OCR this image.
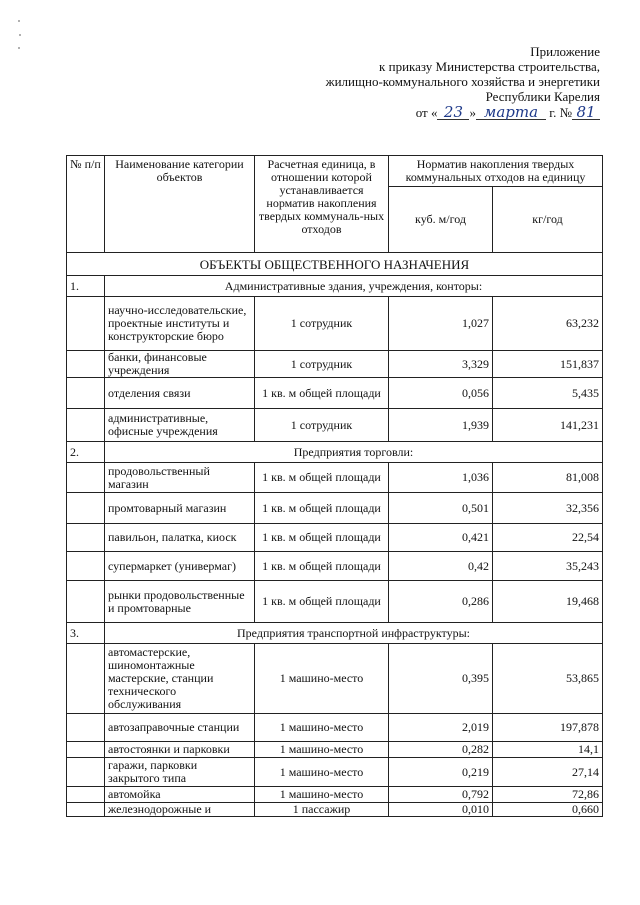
Приложение
к приказу Министерства строительства,
жилищно-коммунального хозяйства и энергетики
Республики Карелия
от « 23 » марта г. № 81
№ п/п	Наименование категории объектов	Расчетная единица, в отношении которой устанавливается норматив накопления твердых коммуналь-ных отходов	Норматив накопления твердых коммунальных отходов на единицу	
			куб. м/год	кг/год
ОБЪЕКТЫ ОБЩЕСТВЕННОГО НАЗНАЧЕНИЯ				
1.	Административные здания, учреждения, конторы:			
	научно-исследовательские, проектные институты и конструкторские бюро	1 сотрудник	1,027	63,232
	банки, финансовые учреждения	1 сотрудник	3,329	151,837
	отделения связи	1 кв. м общей площади	0,056	5,435
	административные, офисные учреждения	1 сотрудник	1,939	141,231
2.	Предприятия торговли:			
	продовольственный магазин	1 кв. м общей площади	1,036	81,008
	промтоварный магазин	1 кв. м общей площади	0,501	32,356
	павильон, палатка, киоск	1 кв. м общей площади	0,421	22,54
	супермаркет (универмаг)	1 кв. м общей площади	0,42	35,243
	рынки продовольственные и промтоварные	1 кв. м общей площади	0,286	19,468
3.	Предприятия транспортной инфраструктуры:			
	автомастерские, шиномонтажные мастерские, станции технического обслуживания	1 машино-место	0,395	53,865
	автозаправочные станции	1 машино-место	2,019	197,878
	автостоянки и парковки	1 машино-место	0,282	14,1
	гаражи, парковки закрытого типа	1 машино-место	0,219	27,14
	автомойка	1 машино-место	0,792	72,86
	железнодорожные и	1 пассажир	0,010	0,660
